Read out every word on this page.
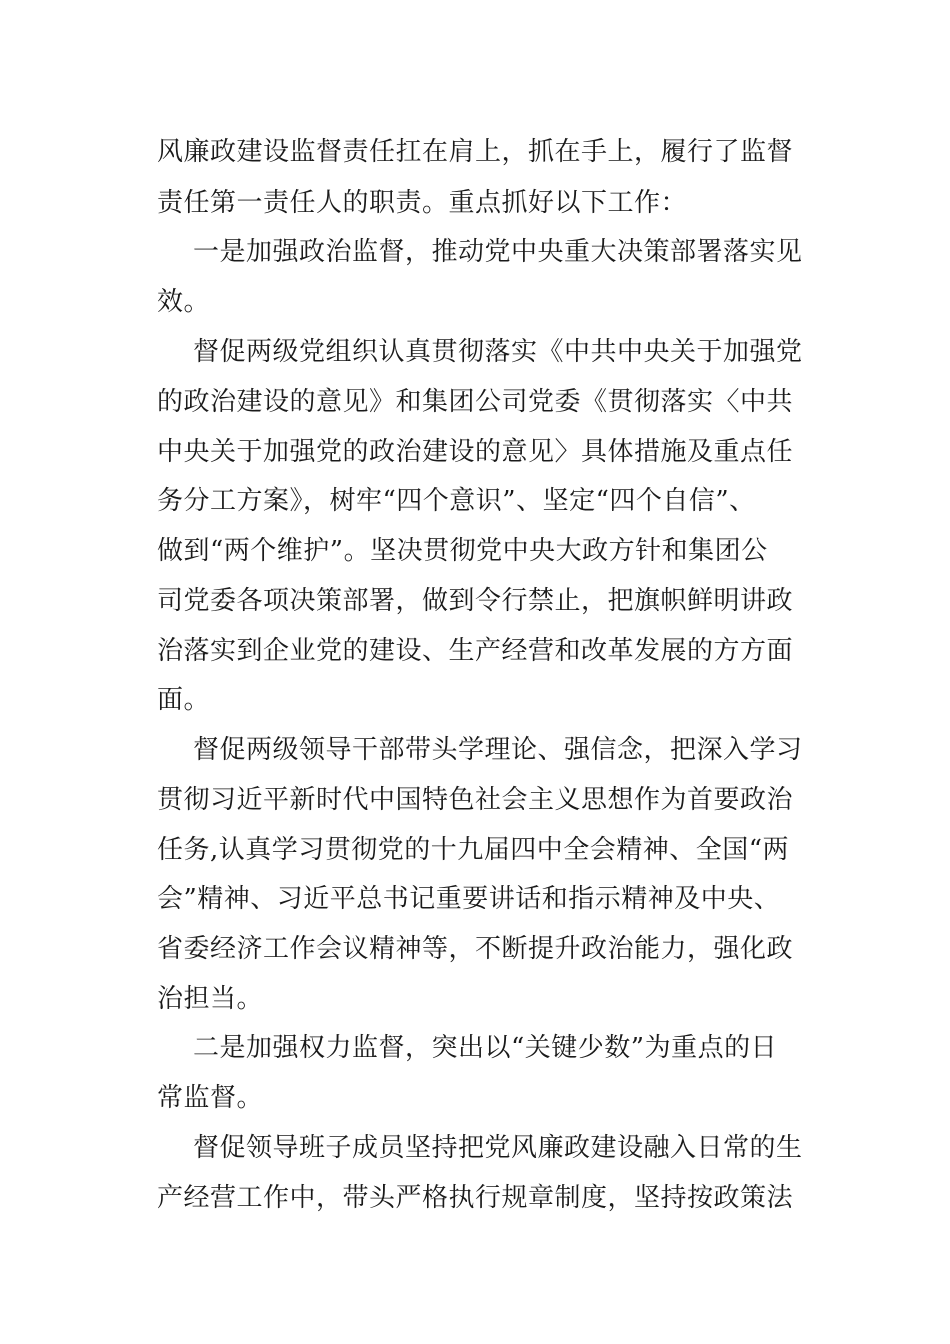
风廉政建设监督责任扛在肩上，抓在手上，履行了监督
责任第一责任人的职责。重点抓好以下工作：
一是加强政治监督，推动党中央重大决策部署落实见
效。
督促两级党组织认真贯彻落实《中共中央关于加强党
的政治建设的意见》和集团公司党委《贯彻落实〈中共
中央关于加强党的政治建设的意见〉具体措施及重点任
务分工方案》，树牢“四个意识”、坚定“四个自信”、
做到“两个维护”。坚决贯彻党中央大政方针和集团公
司党委各项决策部署，做到令行禁止，把旗帜鲜明讲政
治落实到企业党的建设、生产经营和改革发展的方方面
面。
督促两级领导干部带头学理论、强信念，把深入学习
贯彻习近平新时代中国特色社会主义思想作为首要政治
任务,认真学习贯彻党的十九届四中全会精神、全国“两
会”精神、习近平总书记重要讲话和指示精神及中央、
省委经济工作会议精神等，不断提升政治能力，强化政
治担当。
二是加强权力监督，突出以“关键少数”为重点的日
常监督。
督促领导班子成员坚持把党风廉政建设融入日常的生
产经营工作中，带头严格执行规章制度，坚持按政策法
